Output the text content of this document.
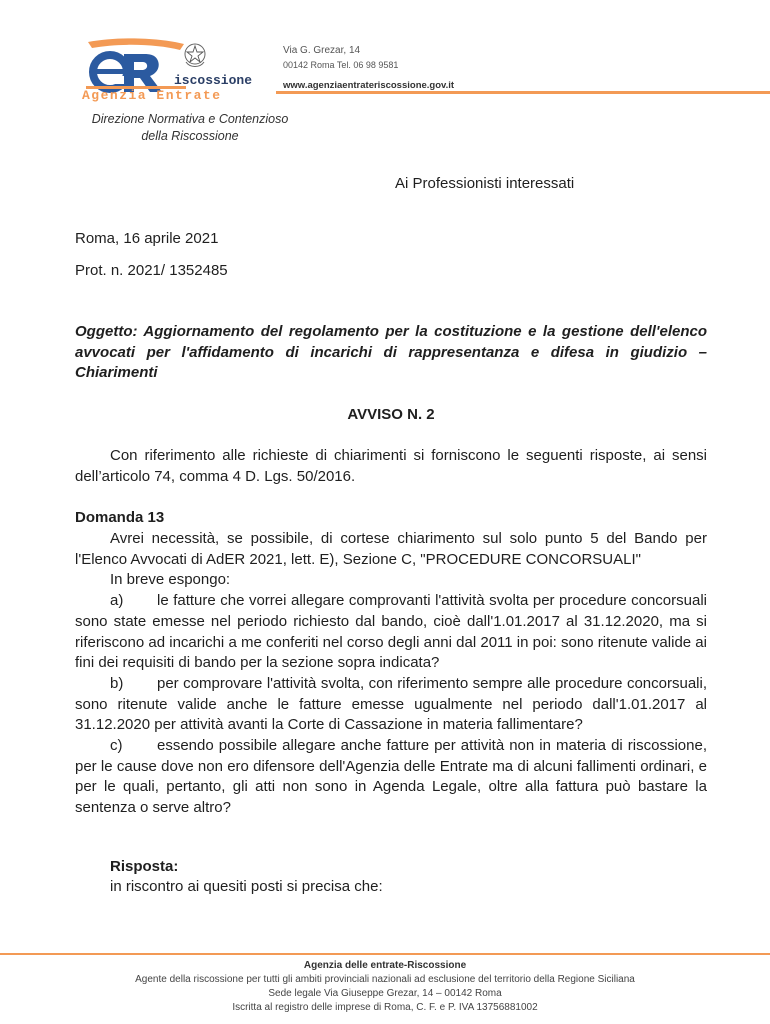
iscossione
Agenzia Entrate
Via G. Grezar, 14
00142 Roma Tel. 06 98 9581
www.agenziaentrateriscossione.gov.it
Direzione Normativa e Contenzioso
della Riscossione
Ai Professionisti interessati
Roma, 16 aprile 2021
Prot. n. 2021/ 1352485
Oggetto: Aggiornamento del regolamento per la costituzione e la gestione dell'elenco avvocati per l'affidamento di incarichi di rappresentanza e difesa in giudizio – Chiarimenti
AVVISO N. 2
Con riferimento alle richieste di chiarimenti si forniscono le seguenti risposte, ai sensi dell’articolo 74, comma 4 D. Lgs. 50/2016.
Domanda 13

Avrei necessità, se possibile, di cortese chiarimento sul solo punto 5 del Bando per l'Elenco Avvocati di AdER 2021, lett. E), Sezione C, "PROCEDURE CONCORSUALI"

In breve espongo:

a) le fatture che vorrei allegare comprovanti l'attività svolta per procedure concorsuali sono state emesse nel periodo richiesto dal bando, cioè dall'1.01.2017 al 31.12.2020, ma si riferiscono ad incarichi a me conferiti nel corso degli anni dal 2011 in poi: sono ritenute valide ai fini dei requisiti di bando per la sezione sopra indicata?

b) per comprovare l'attività svolta, con riferimento sempre alle procedure concorsuali, sono ritenute valide anche le fatture emesse ugualmente nel periodo dall'1.01.2017 al 31.12.2020 per attività avanti la Corte di Cassazione in materia fallimentare?

c) essendo possibile allegare anche fatture per attività non in materia di riscossione, per le cause dove non ero difensore dell'Agenzia delle Entrate ma di alcuni fallimenti ordinari, e per le quali, pertanto, gli atti non sono in Agenda Legale, oltre alla fattura può bastare la sentenza o serve altro?

Risposta:
in riscontro ai quesiti posti si precisa che:
Agenzia delle entrate-Riscossione
Agente della riscossione per tutti gli ambiti provinciali nazionali ad esclusione del territorio della Regione Siciliana
Sede legale Via Giuseppe Grezar, 14 – 00142 Roma
Iscritta al registro delle imprese di Roma, C. F. e P. IVA 13756881002
